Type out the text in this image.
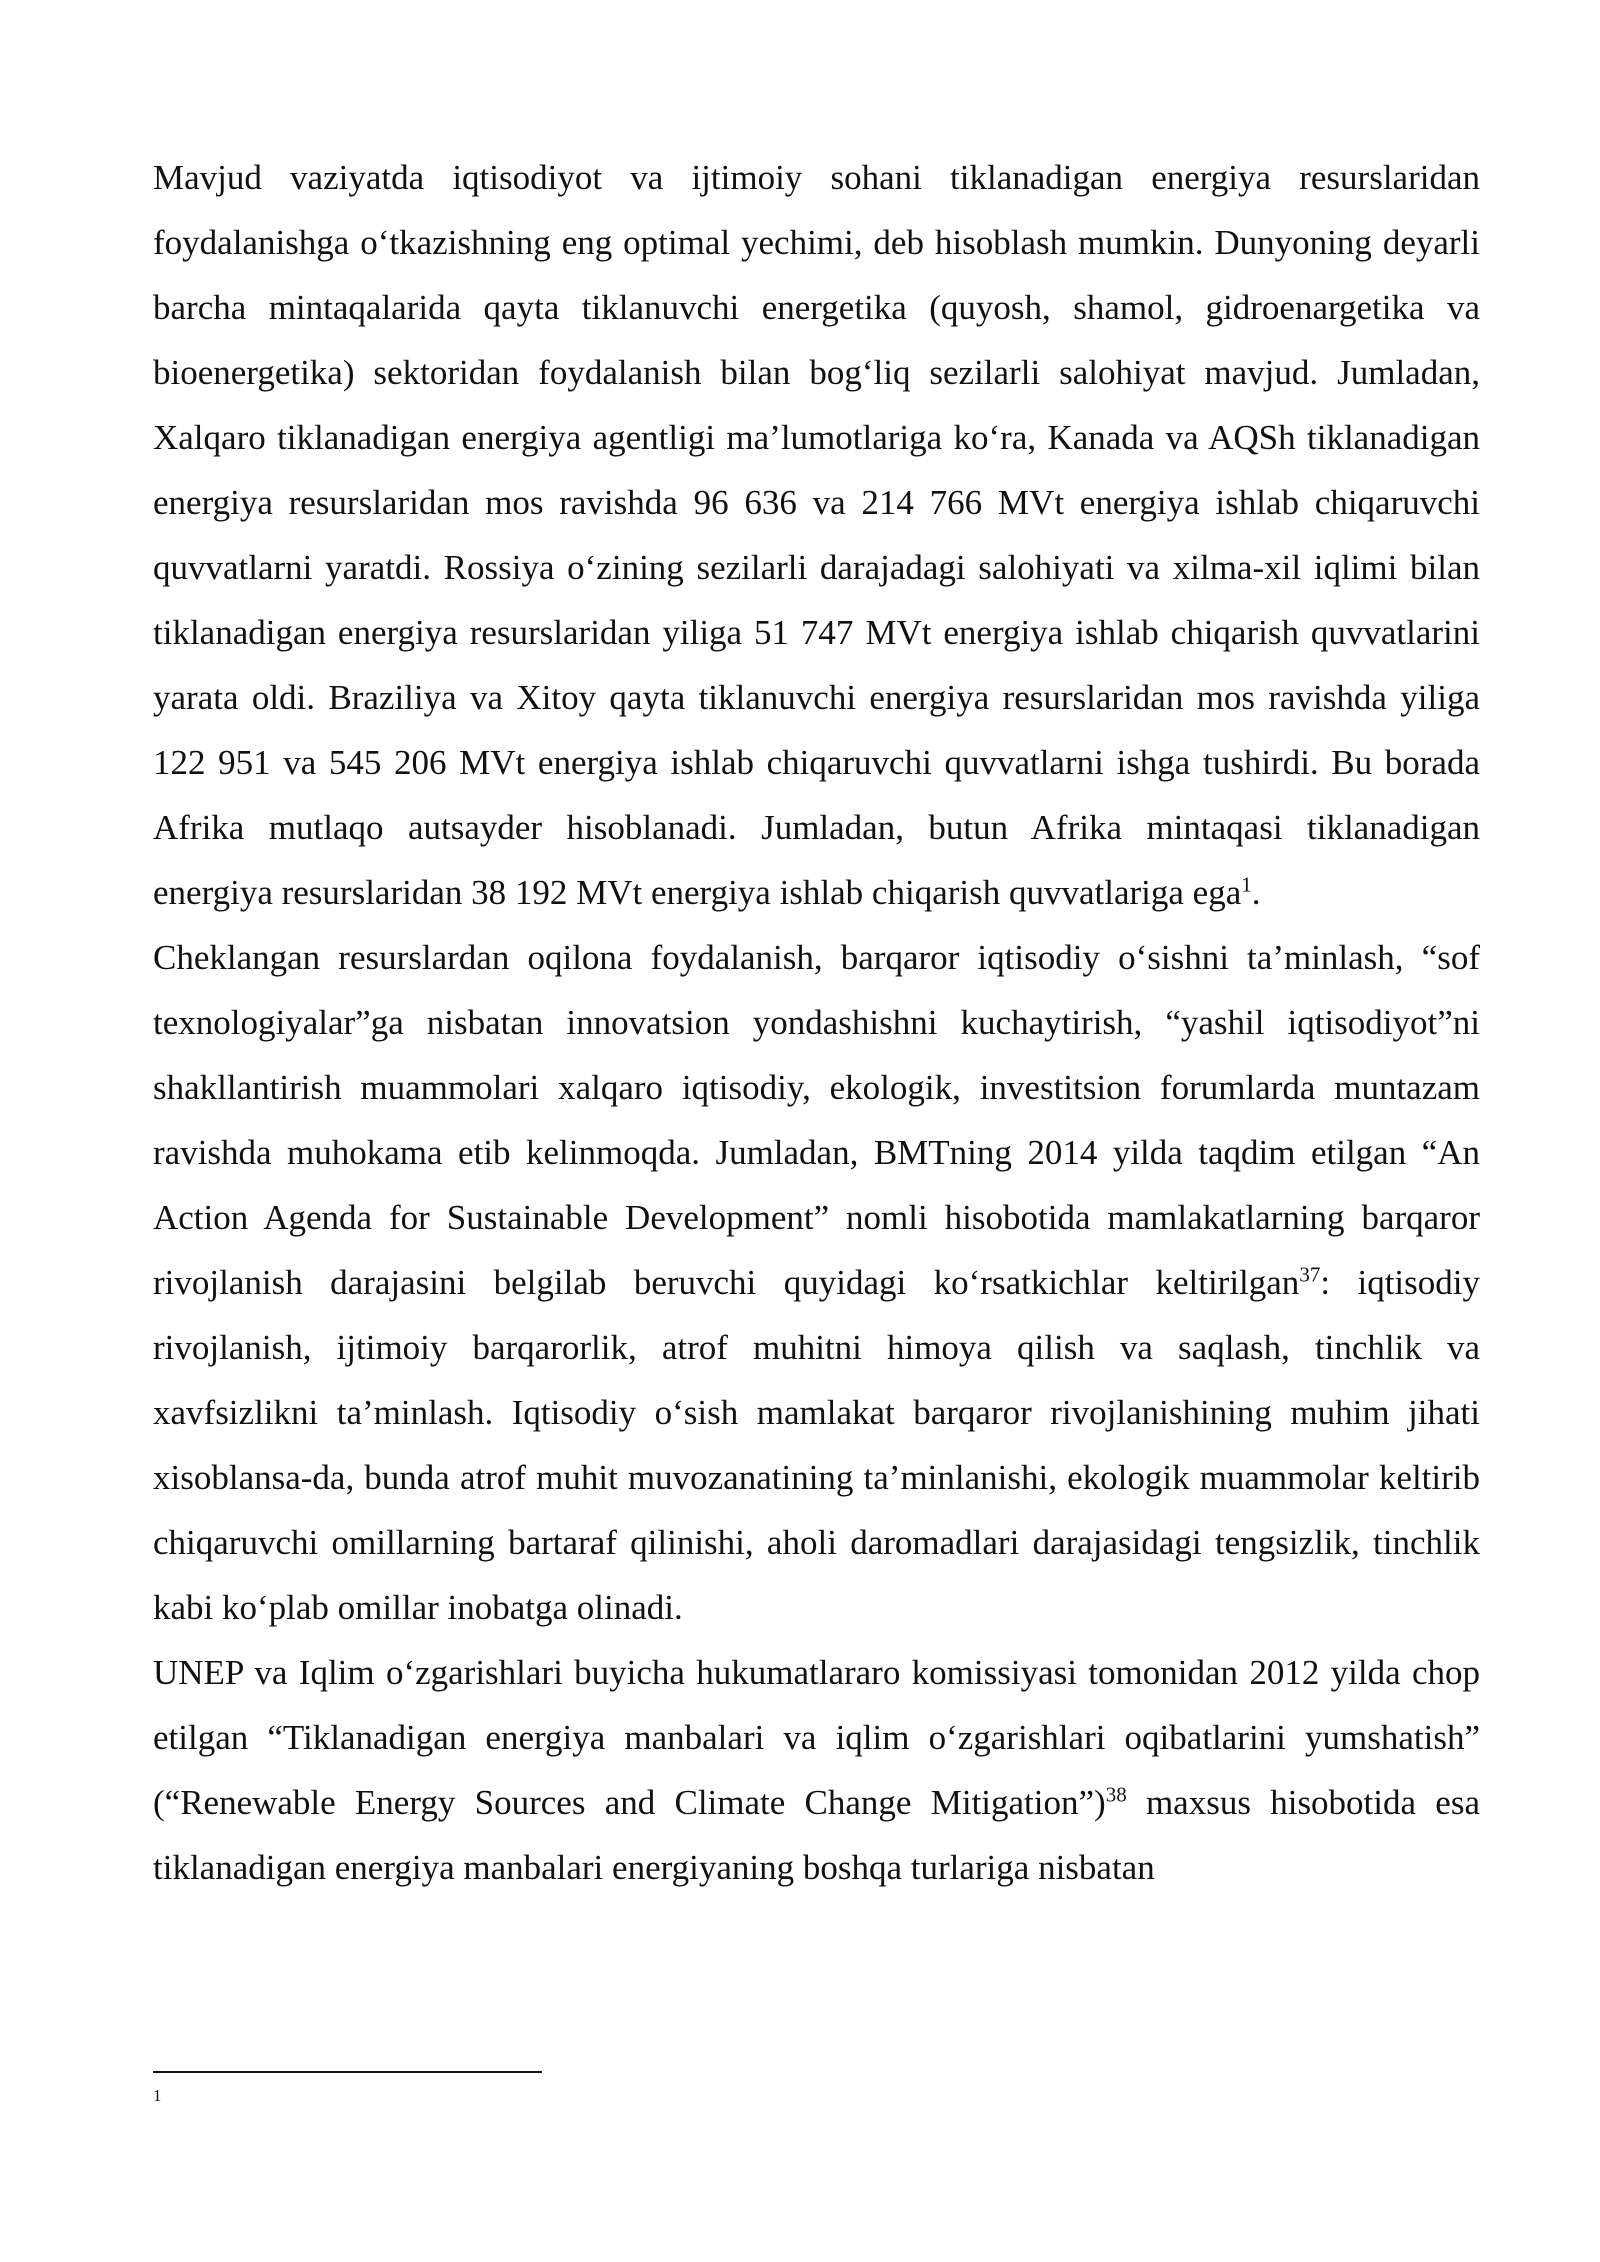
Mavjud vaziyatda iqtisodiyot va ijtimoiy sohani tiklanadigan energiya resurslaridan foydalanishga o‘tkazishning eng optimal yechimi, deb hisoblash mumkin. Dunyoning deyarli barcha mintaqalarida qayta tiklanuvchi energetika (quyosh, shamol, gidroenargetika va bioenergetika) sektoridan foydalanish bilan bog‘liq sezilarli salohiyat mavjud. Jumladan, Xalqaro tiklanadigan energiya agentligi ma’lumotlariga ko‘ra, Kanada va AQSh tiklanadigan energiya resurslaridan mos ravishda 96 636 va 214 766 MVt energiya ishlab chiqaruvchi quvvatlarni yaratdi. Rossiya o‘zining sezilarli darajadagi salohiyati va xilma-xil iqlimi bilan tiklanadigan energiya resurslaridan yiliga 51 747 MVt energiya ishlab chiqarish quvvatlarini yarata oldi. Braziliya va Xitoy qayta tiklanuvchi energiya resurslaridan mos ravishda yiliga 122 951 va 545 206 MVt energiya ishlab chiqaruvchi quvvatlarni ishga tushirdi. Bu borada Afrika mutlaqo autsayder hisoblanadi. Jumladan, butun Afrika mintaqasi tiklanadigan energiya resurslaridan 38 192 MVt energiya ishlab chiqarish quvvatlariga ega$^1$.

Cheklangan resurslardan oqilona foydalanish, barqaror iqtisodiy o‘sishni ta’minlash, “sof texnologiyalar”ga nisbatan innovatsion yondashishni kuchaytirish, “yashil iqtisodiyot”ni shakllantirish muammolari xalqaro iqtisodiy, ekologik, investitsion forumlarda muntazam ravishda muhokama etib kelinmoqda. Jumladan, BMTning 2014 yilda taqdim etilgan “An Action Agenda for Sustainable Development” nomli hisobotida mamlakatlarning barqaror rivojlanish darajasini belgilab beruvchi quyidagi ko‘rsatkichlar keltirilgan$^{37}$: iqtisodiy rivojlanish, ijtimoiy barqarorlik, atrof muhitni himoya qilish va saqlash, tinchlik va xavfsizlikni ta’minlash. Iqtisodiy o‘sish mamlakat barqaror rivojlanishining muhim jihati xisoblansa-da, bunda atrof muhit muvozanatining ta’minlanishi, ekologik muammolar keltirib chiqaruvchi omillarning bartaraf qilinishi, aholi daromadlari darajasidagi tengsizlik, tinchlik kabi ko‘plab omillar inobatga olinadi.

UNEP va Iqlim o‘zgarishlari buyicha hukumatlararo komissiyasi tomonidan 2012 yilda chop etilgan “Tiklanadigan energiya manbalari va iqlim o‘zgarishlari oqibatlarini yumshatish” (“Renewable Energy Sources and Climate Change Mitigation”)$^{38}$ maxsus hisobotida esa tiklanadigan energiya manbalari energiyaning boshqa turlariga nisbatan

1
